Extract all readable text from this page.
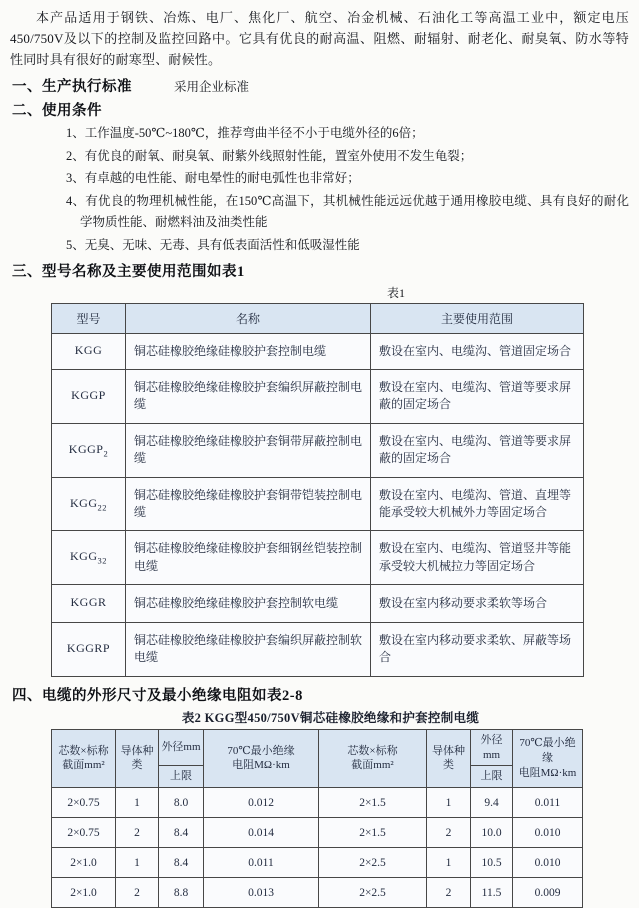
本产品适用于钢铁、冶炼、电厂、焦化厂、航空、冶金机械、石油化工等高温工业中，额定电压450/750V及以下的控制及监控回路中。它具有优良的耐高温、阻燃、耐辐射、耐老化、耐臭氧、防水等特性同时具有很好的耐寒型、耐候性。

一、生产执行标准	采用企业标准
二、使用条件
1、工作温度-50℃~180℃，推荐弯曲半径不小于电缆外径的6倍；
2、有优良的耐氧、耐臭氧、耐紫外线照射性能，置室外使用不发生龟裂；
3、有卓越的电性能、耐电晕性的耐电弧性也非常好；
4、有优良的物理机械性能，在150℃高温下，其机械性能远远优越于通用橡胶电缆、具有良好的耐化学物质性能、耐燃料油及油类性能
5、无臭、无味、无毒、具有低表面活性和低吸湿性能
三、型号名称及主要使用范围如表1
表1
型号	名称	主要使用范围
KGG	铜芯硅橡胶绝缘硅橡胶护套控制电缆	敷设在室内、电缆沟、管道固定场合
KGGP	铜芯硅橡胶绝缘硅橡胶护套编织屏蔽控制电缆	敷设在室内、电缆沟、管道等要求屏蔽的固定场合
$KGGP_2$	铜芯硅橡胶绝缘硅橡胶护套铜带屏蔽控制电缆	敷设在室内、电缆沟、管道等要求屏蔽的固定场合
$KGG_{22}$	铜芯硅橡胶绝缘硅橡胶护套铜带铠装控制电缆	敷设在室内、电缆沟、管道、直埋等能承受较大机械外力等固定场合
$KGG_{32}$	铜芯硅橡胶绝缘硅橡胶护套细钢丝铠装控制电缆	敷设在室内、电缆沟、管道竖井等能承受较大机械拉力等固定场合
KGGR	铜芯硅橡胶绝缘硅橡胶护套控制软电缆	敷设在室内移动要求柔软等场合
KGGRP	铜芯硅橡胶绝缘硅橡胶护套编织屏蔽控制软电缆	敷设在室内移动要求柔软、屏蔽等场合
四、电缆的外形尺寸及最小绝缘电阻如表2-8
表2 KGG型450/750V铜芯硅橡胶绝缘和护套控制电缆
芯数×标称
截面mm²	导体种类	外径mm	70℃最小绝缘
电阻MΩ·km	芯数×标称
截面mm²	导体种类	外径mm	70℃最小绝缘
电阻MΩ·km
		上限				上限	
2×0.75	1	8.0	0.012	2×1.5	1	9.4	0.011
2×0.75	2	8.4	0.014	2×1.5	2	10.0	0.010
2×1.0	1	8.4	0.011	2×2.5	1	10.5	0.010
2×1.0	2	8.8	0.013	2×2.5	2	11.5	0.009
